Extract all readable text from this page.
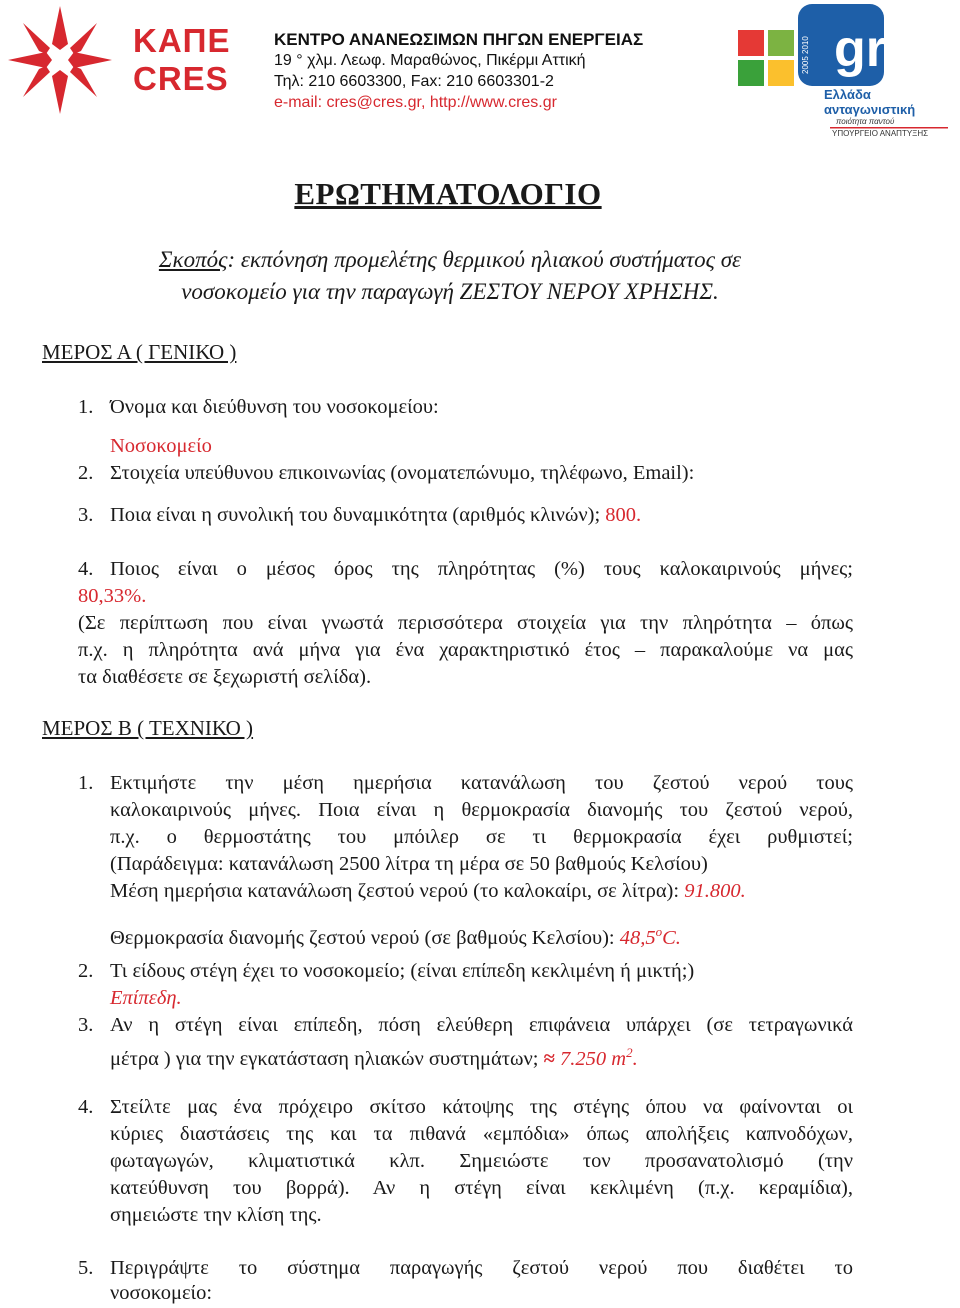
ΚΑΠΕ
CRES
ΚΕΝΤΡΟ ΑΝΑΝΕΩΣΙΜΩΝ ΠΗΓΩΝ ΕΝΕΡΓΕΙΑΣ
19 ° χλμ. Λεωφ. Μαραθώνος, Πικέρμι Αττική
Τηλ: 210 6603300, Fax: 210 6603301-2
e-mail: cres@cres.gr, http://www.cres.gr
gr
2005 2010
Ελλάδα
ανταγωνιστική
ποιότητα παντού
ΥΠΟΥΡΓΕΙΟ ΑΝΑΠΤΥΞΗΣ
ΕΡΩΤΗΜΑΤΟΛΟΓΙΟ
Σκοπός: εκπόνηση προμελέτης θερμικού ηλιακού συστήματος σε
νοσοκομείο για την παραγωγή ΖΕΣΤΟΥ ΝΕΡΟΥ ΧΡΗΣΗΣ.
ΜΕΡΟΣ Α ( ΓΕΝΙΚΟ )
1. Όνομα και διεύθυνση του νοσοκομείου:
Νοσοκομείο
2. Στοιχεία υπεύθυνου επικοινωνίας (ονοματεπώνυμο, τηλέφωνο, Email):
3. Ποια είναι η συνολική του δυναμικότητα (αριθμός κλινών); 800.
4. Ποιος είναι ο μέσος όρος της πληρότητας (%) τους καλοκαιρινούς μήνες;
80,33%.
(Σε περίπτωση που είναι γνωστά περισσότερα στοιχεία για την πληρότητα – όπως
π.χ. η πληρότητα ανά μήνα για ένα χαρακτηριστικό έτος – παρακαλούμε να μας
τα διαθέσετε σε ξεχωριστή σελίδα).
ΜΕΡΟΣ Β ( ΤΕΧΝΙΚΟ )
1. Εκτιμήστε την μέση ημερήσια κατανάλωση του ζεστού νερού τους
καλοκαιρινούς μήνες. Ποια είναι η θερμοκρασία διανομής του ζεστού νερού,
π.χ. ο θερμοστάτης του μπόιλερ σε τι θερμοκρασία έχει ρυθμιστεί;
(Παράδειγμα: κατανάλωση 2500 λίτρα τη μέρα σε 50 βαθμούς Κελσίου)
Μέση ημερήσια κατανάλωση ζεστού νερού (το καλοκαίρι, σε λίτρα): 91.800.
Θερμοκρασία διανομής ζεστού νερού (σε βαθμούς Κελσίου): 48,5$^o$C.
2. Τι είδους στέγη έχει το νοσοκομείο; (είναι επίπεδη κεκλιμένη ή μικτή;)
Επίπεδη.
3. Αν η στέγη είναι επίπεδη, πόση ελεύθερη επιφάνεια υπάρχει (σε τετραγωνικά
μέτρα ) για την εγκατάσταση ηλιακών συστημάτων; ≈ 7.250 $m^2$.
4. Στείλτε μας ένα πρόχειρο σκίτσο κάτοψης της στέγης όπου να φαίνονται οι
κύριες διαστάσεις της και τα πιθανά «εμπόδια» όπως απολήξεις καπνοδόχων,
φωταγωγών, κλιματιστικά κλπ. Σημειώστε τον προσανατολισμό (την
κατεύθυνση του βορρά). Αν η στέγη είναι κεκλιμένη (π.χ. κεραμίδια),
σημειώστε την κλίση της.
5. Περιγράψτε το σύστημα παραγωγής ζεστού νερού που διαθέτει το
νοσοκομείο:
